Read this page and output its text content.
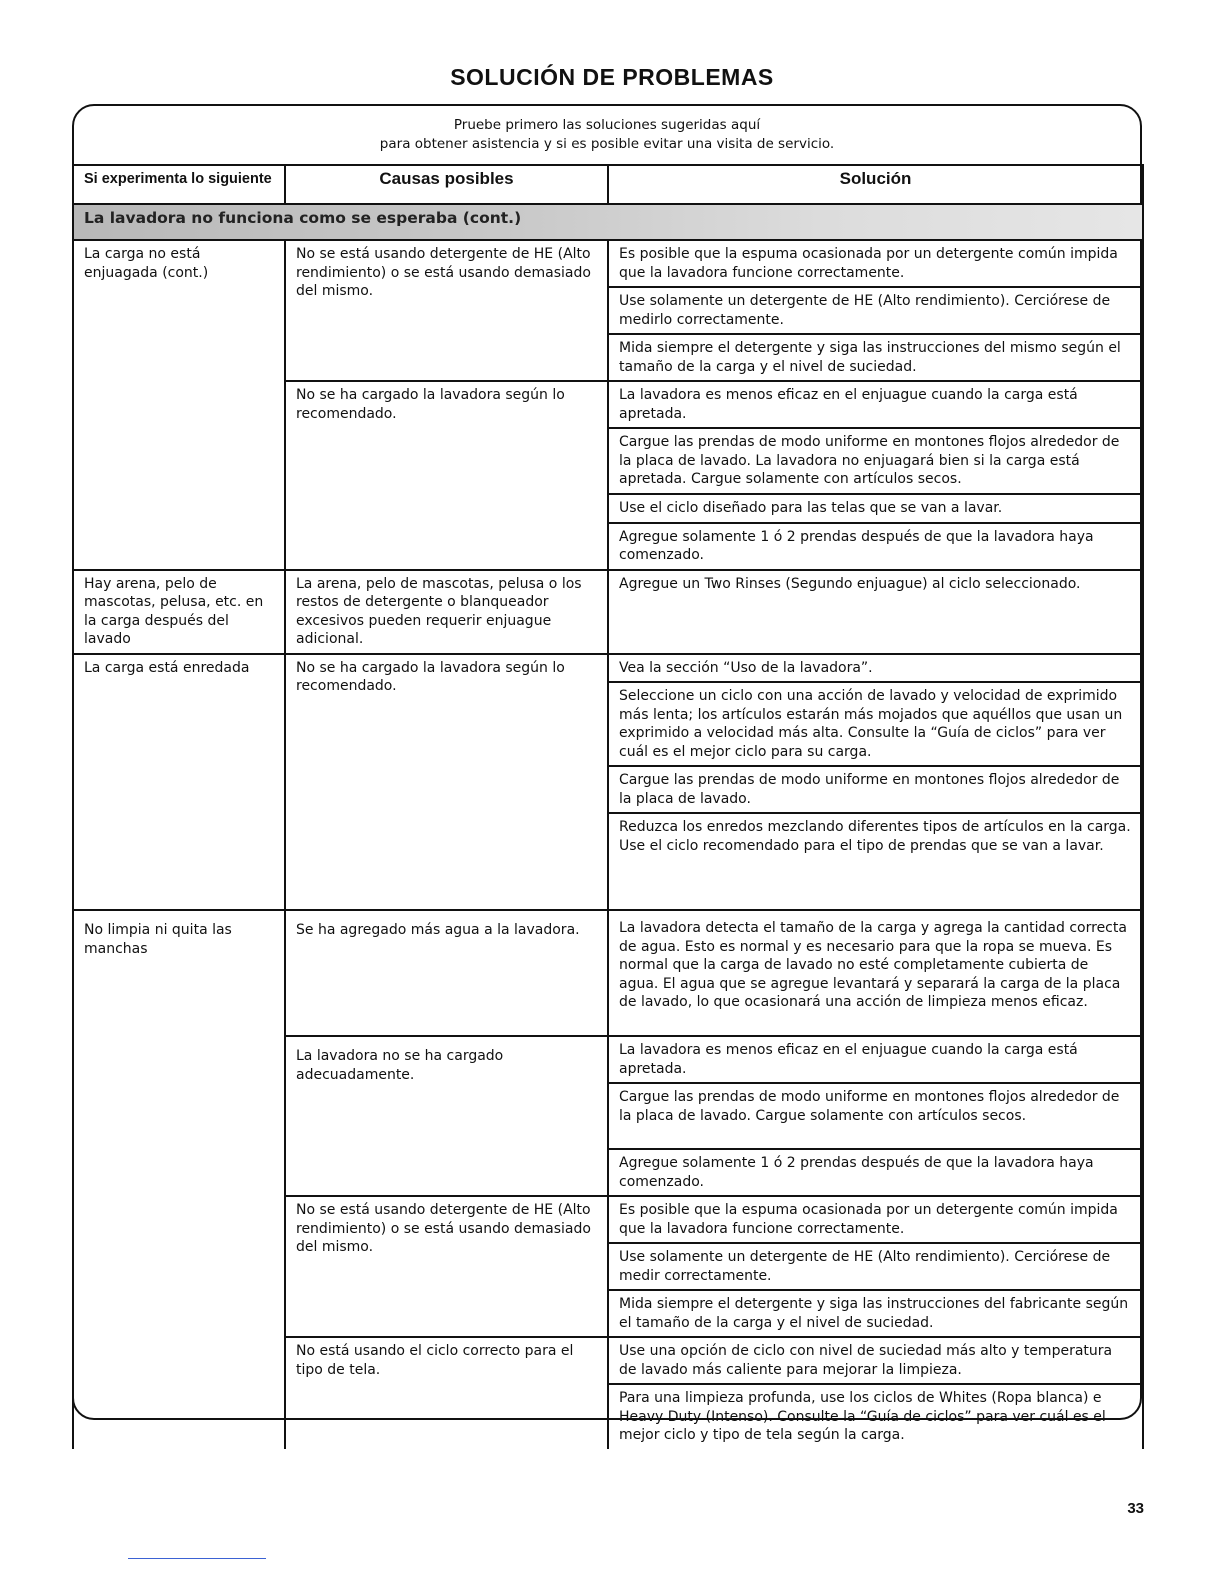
SOLUCIÓN DE PROBLEMAS
Pruebe primero las soluciones sugeridas aquí
para obtener asistencia y si es posible evitar una visita de servicio.
Si experimenta lo siguiente	Causas posibles	Solución
La lavadora no funciona como se esperaba (cont.)		
La carga no está enjuagada (cont.)	No se está usando detergente de HE (Alto rendimiento) o se está usando demasiado del mismo.	Es posible que la espuma ocasionada por un detergente común impida que la lavadora funcione correctamente.
		Use solamente un detergente de HE (Alto rendimiento). Cerciórese de medirlo correctamente.
		Mida siempre el detergente y siga las instrucciones del mismo según el tamaño de la carga y el nivel de suciedad.
	No se ha cargado la lavadora según lo recomendado.	La lavadora es menos eficaz en el enjuague cuando la carga está apretada.
		Cargue las prendas de modo uniforme en montones flojos alrededor de la placa de lavado. La lavadora no enjuagará bien si la carga está apretada. Cargue solamente con artículos secos.
		Use el ciclo diseñado para las telas que se van a lavar.
		Agregue solamente 1 ó 2 prendas después de que la lavadora haya comenzado.
Hay arena, pelo de mascotas, pelusa, etc. en la carga después del lavado	La arena, pelo de mascotas, pelusa o los restos de detergente o blanqueador excesivos pueden requerir enjuague adicional.	Agregue un Two Rinses (Segundo enjuague) al ciclo seleccionado.
La carga está enredada	No se ha cargado la lavadora según lo recomendado.	Vea la sección “Uso de la lavadora”.
		Seleccione un ciclo con una acción de lavado y velocidad de exprimido más lenta; los artículos estarán más mojados que aquéllos que usan un exprimido a velocidad más alta. Consulte la “Guía de ciclos” para ver cuál es el mejor ciclo para su carga.
		Cargue las prendas de modo uniforme en montones flojos alrededor de la placa de lavado.
		Reduzca los enredos mezclando diferentes tipos de artículos en la carga. Use el ciclo recomendado para el tipo de prendas que se van a lavar.
No limpia ni quita las manchas	Se ha agregado más agua a la lavadora.	La lavadora detecta el tamaño de la carga y agrega la cantidad correcta de agua. Esto es normal y es necesario para que la ropa se mueva. Es normal que la carga de lavado no esté completamente cubierta de agua. El agua que se agregue levantará y separará la carga de la placa de lavado, lo que ocasionará una acción de limpieza menos eficaz.
	La lavadora no se ha cargado adecuadamente.	La lavadora es menos eficaz en el enjuague cuando la carga está apretada.
		Cargue las prendas de modo uniforme en montones flojos alrededor de la placa de lavado. Cargue solamente con artículos secos.
		Agregue solamente 1 ó 2 prendas después de que la lavadora haya comenzado.
	No se está usando detergente de HE (Alto rendimiento) o se está usando demasiado del mismo.	Es posible que la espuma ocasionada por un detergente común impida que la lavadora funcione correctamente.
		Use solamente un detergente de HE (Alto rendimiento). Cerciórese de medir correctamente.
		Mida siempre el detergente y siga las instrucciones del fabricante según el tamaño de la carga y el nivel de suciedad.
	No está usando el ciclo correcto para el tipo de tela.	Use una opción de ciclo con nivel de suciedad más alto y temperatura de lavado más caliente para mejorar la limpieza.
		Para una limpieza profunda, use los ciclos de Whites (Ropa blanca) e Heavy Duty (Intenso). Consulte la “Guía de ciclos” para ver cuál es el mejor ciclo y tipo de tela según la carga.
33
